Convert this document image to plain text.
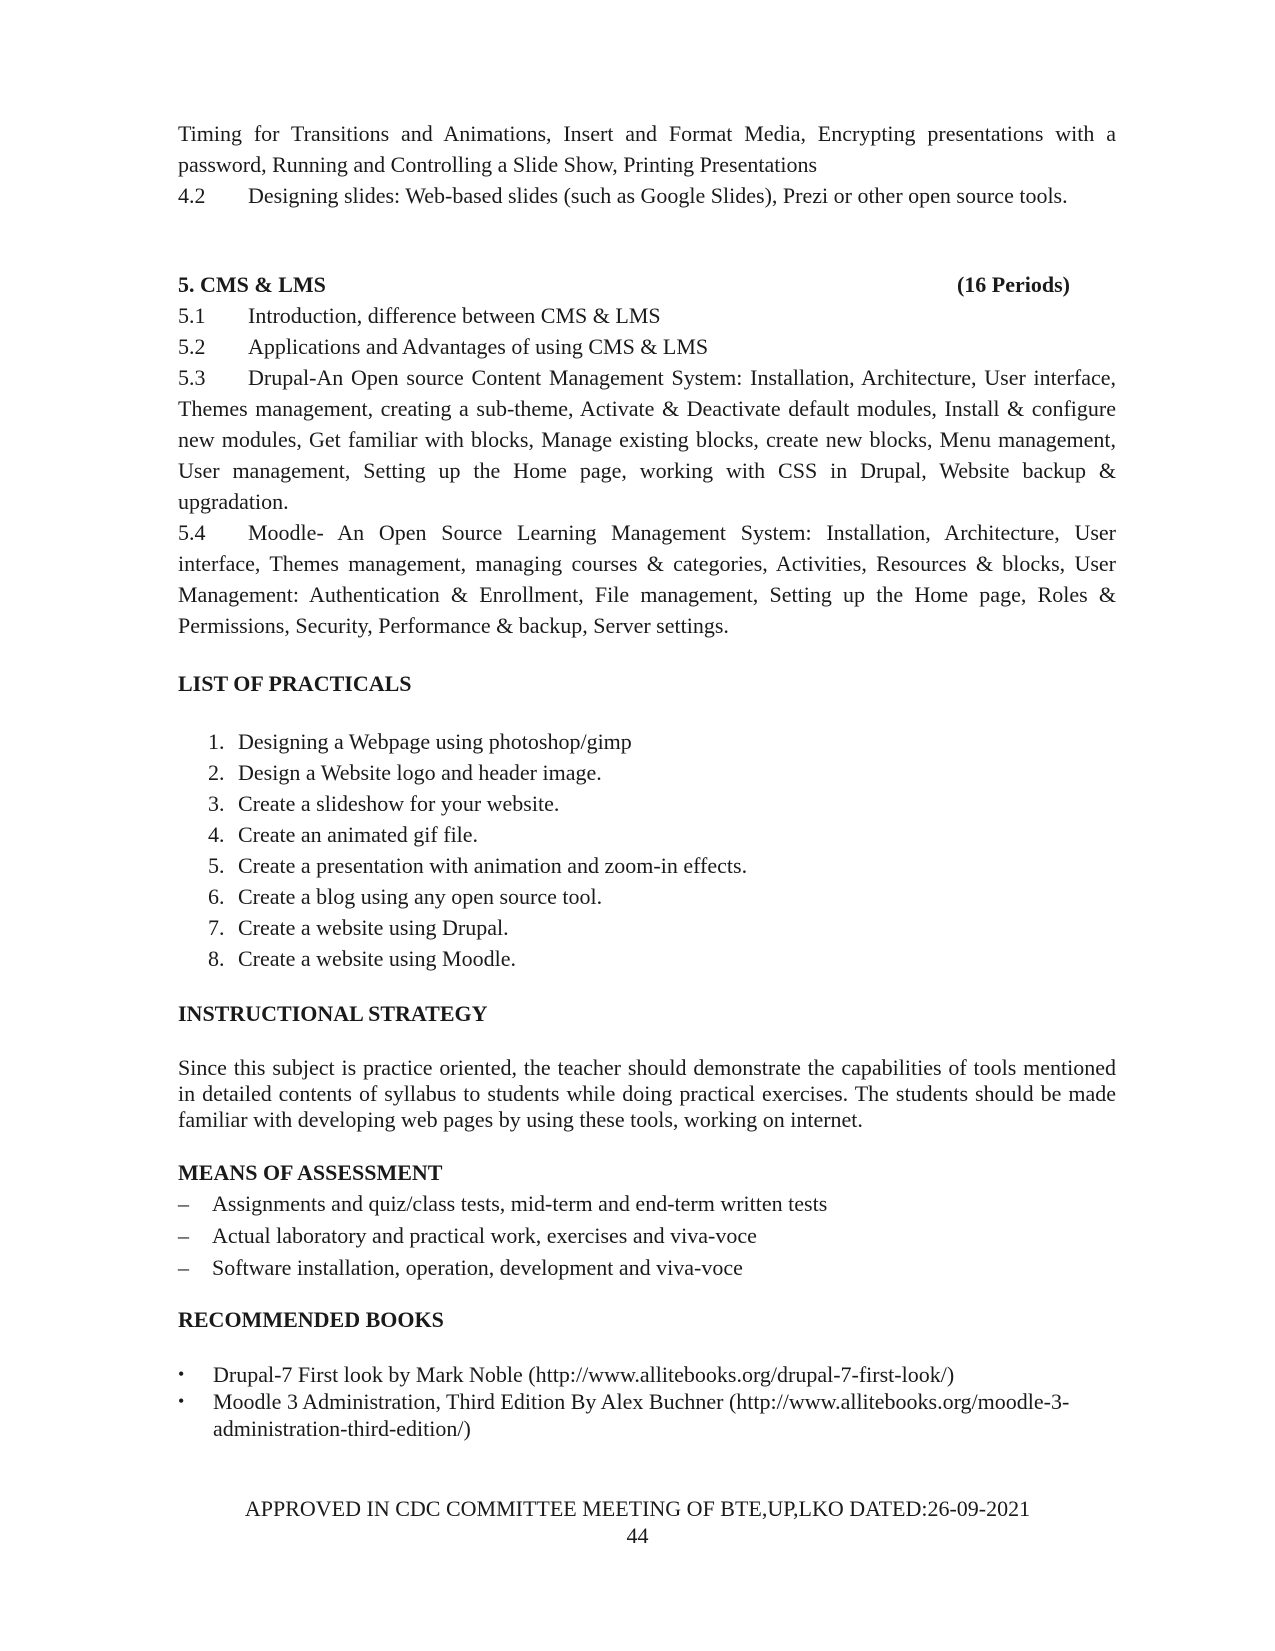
Timing for Transitions and Animations, Insert and Format Media, Encrypting presentations with a password, Running and Controlling a Slide Show, Printing Presentations

4.2	Designing slides: Web-based slides (such as Google Slides), Prezi or other open source tools.
5. CMS & LMS	(16 Periods)
5.1	Introduction, difference between CMS & LMS
5.2	Applications and Advantages of using CMS & LMS

5.3 Drupal-An Open source Content Management System: Installation, Architecture, User interface, Themes management, creating a sub-theme, Activate & Deactivate default modules, Install & configure new modules, Get familiar with blocks, Manage existing blocks, create new blocks, Menu management, User management, Setting up the Home page, working with CSS in Drupal, Website backup & upgradation.

5.4 Moodle- An Open Source Learning Management System: Installation, Architecture, User interface, Themes management, managing courses & categories, Activities, Resources & blocks, User Management: Authentication & Enrollment, File management, Setting up the Home page, Roles & Permissions, Security, Performance & backup, Server settings.

LIST OF PRACTICALS
1. Designing a Webpage using photoshop/gimp
2. Design a Website logo and header image.
3. Create a slideshow for your website.
4. Create an animated gif file.
5. Create a presentation with animation and zoom-in effects.
6. Create a blog using any open source tool.
7. Create a website using Drupal.
8. Create a website using Moodle.
INSTRUCTIONAL STRATEGY

Since this subject is practice oriented, the teacher should demonstrate the capabilities of tools mentioned in detailed contents of syllabus to students while doing practical exercises. The students should be made familiar with developing web pages by using these tools, working on internet.

MEANS OF ASSESSMENT
–	Assignments and quiz/class tests, mid-term and end-term written tests
–	Actual laboratory and practical work, exercises and viva-voce
–	Software installation, operation, development and viva-voce
RECOMMENDED BOOKS
•	Drupal-7 First look by Mark Noble (http://www.allitebooks.org/drupal-7-first-look/)
•	Moodle 3 Administration, Third Edition By Alex Buchner (http://www.allitebooks.org/moodle-3-administration-third-edition/)
APPROVED IN CDC COMMITTEE MEETING OF BTE,UP,LKO DATED:26-09-2021
44
